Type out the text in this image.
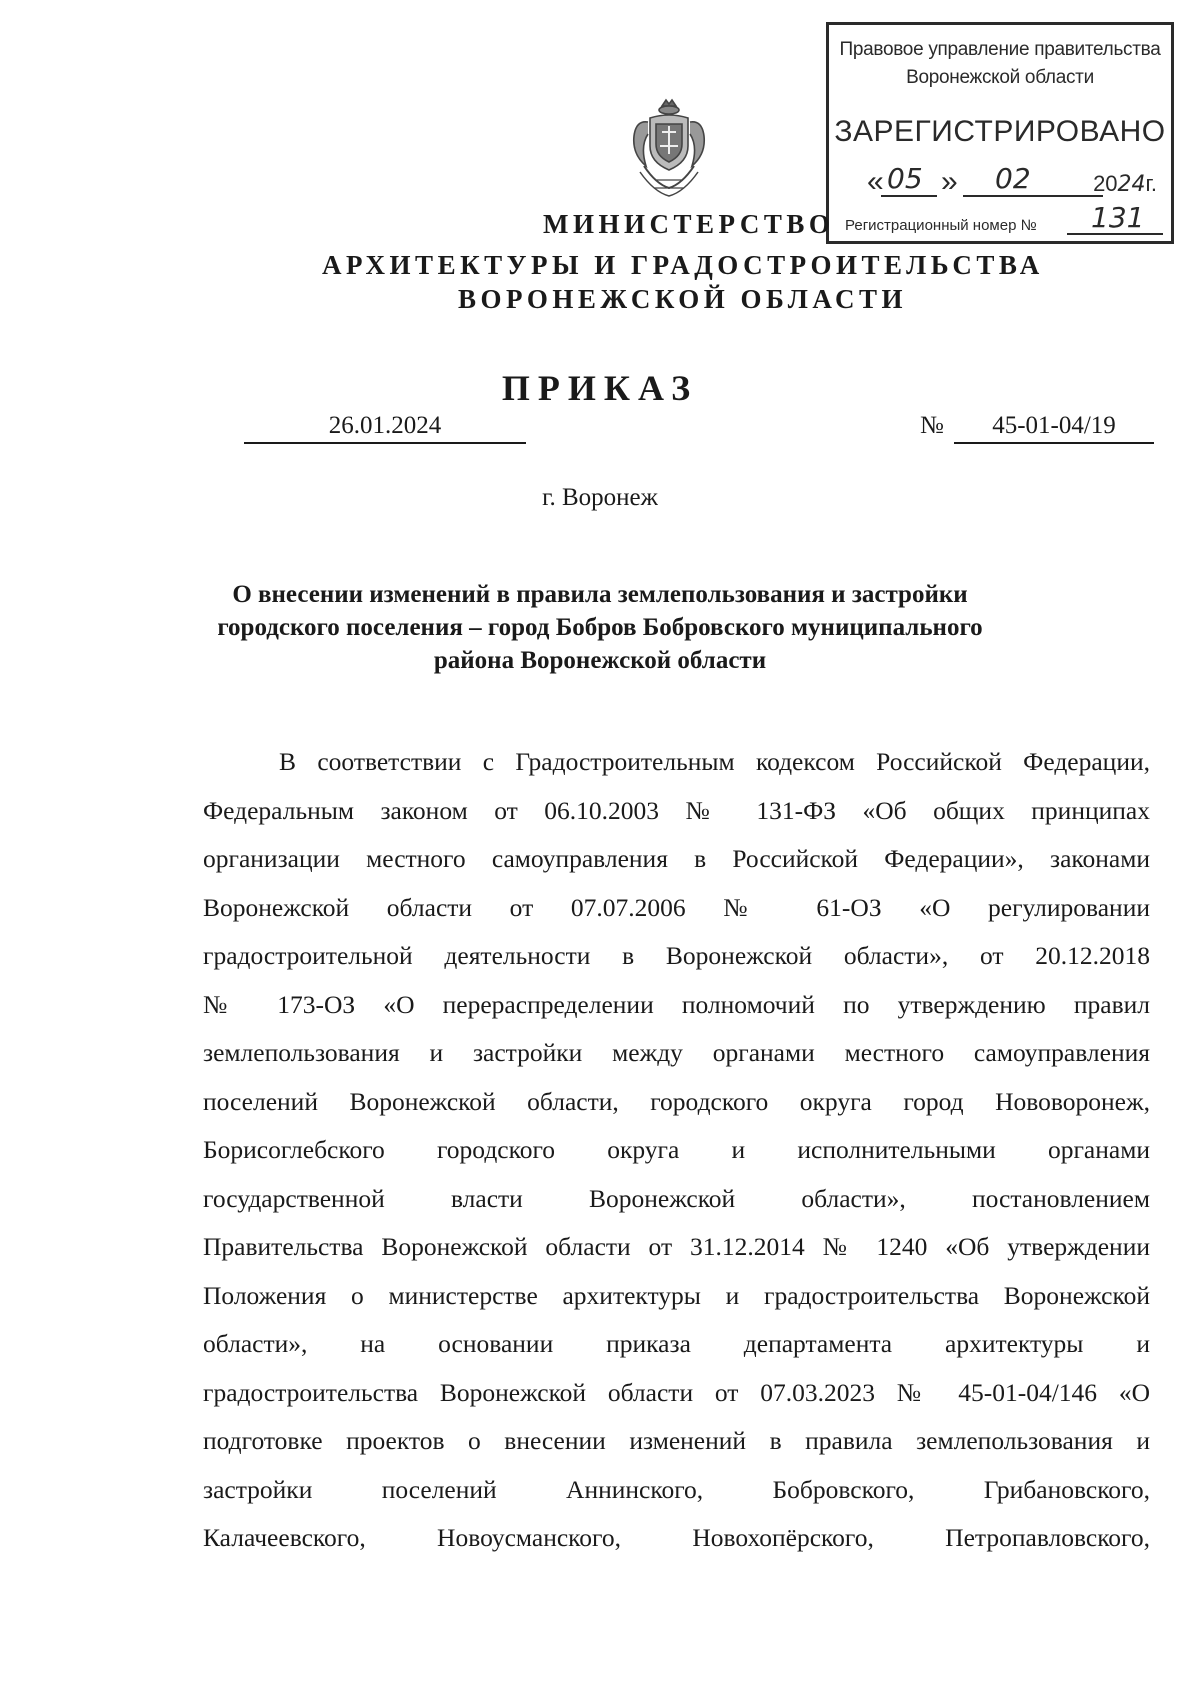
Правовое управление правительства
Воронежской области
ЗАРЕГИСТРИРОВАНО
« 05 » 02	2024г.
Регистрационный номер № 131
МИНИСТЕРСТВО
АРХИТЕКТУРЫ И ГРАДОСТРОИТЕЛЬСТВА
ВОРОНЕЖСКОЙ ОБЛАСТИ
ПРИКАЗ
26.01.2024	№	45-01-04/19
г. Воронеж
О внесении изменений в правила землепользования и застройки
городского поселения – город Бобров Бобровского муниципального
района Воронежской области
В соответствии с Градостроительным кодексом Российской Федерации,
Федеральным законом от 06.10.2003 № 131-ФЗ «Об общих принципах
организации местного самоуправления в Российской Федерации», законами
Воронежской области от 07.07.2006 № 61-ОЗ «О регулировании
градостроительной деятельности в Воронежской области», от 20.12.2018
№ 173-ОЗ «О перераспределении полномочий по утверждению правил
землепользования и застройки между органами местного самоуправления
поселений Воронежской области, городского округа город Нововоронеж,
Борисоглебского городского округа и исполнительными органами
государственной власти Воронежской области», постановлением
Правительства Воронежской области от 31.12.2014 № 1240 «Об утверждении
Положения о министерстве архитектуры и градостроительства Воронежской
области», на основании приказа департамента архитектуры и
градостроительства Воронежской области от 07.03.2023 № 45-01-04/146 «О
подготовке проектов о внесении изменений в правила землепользования и
застройки поселений Аннинского, Бобровского, Грибановского,
Калачеевского, Новоусманского, Новохопёрского, Петропавловского,
